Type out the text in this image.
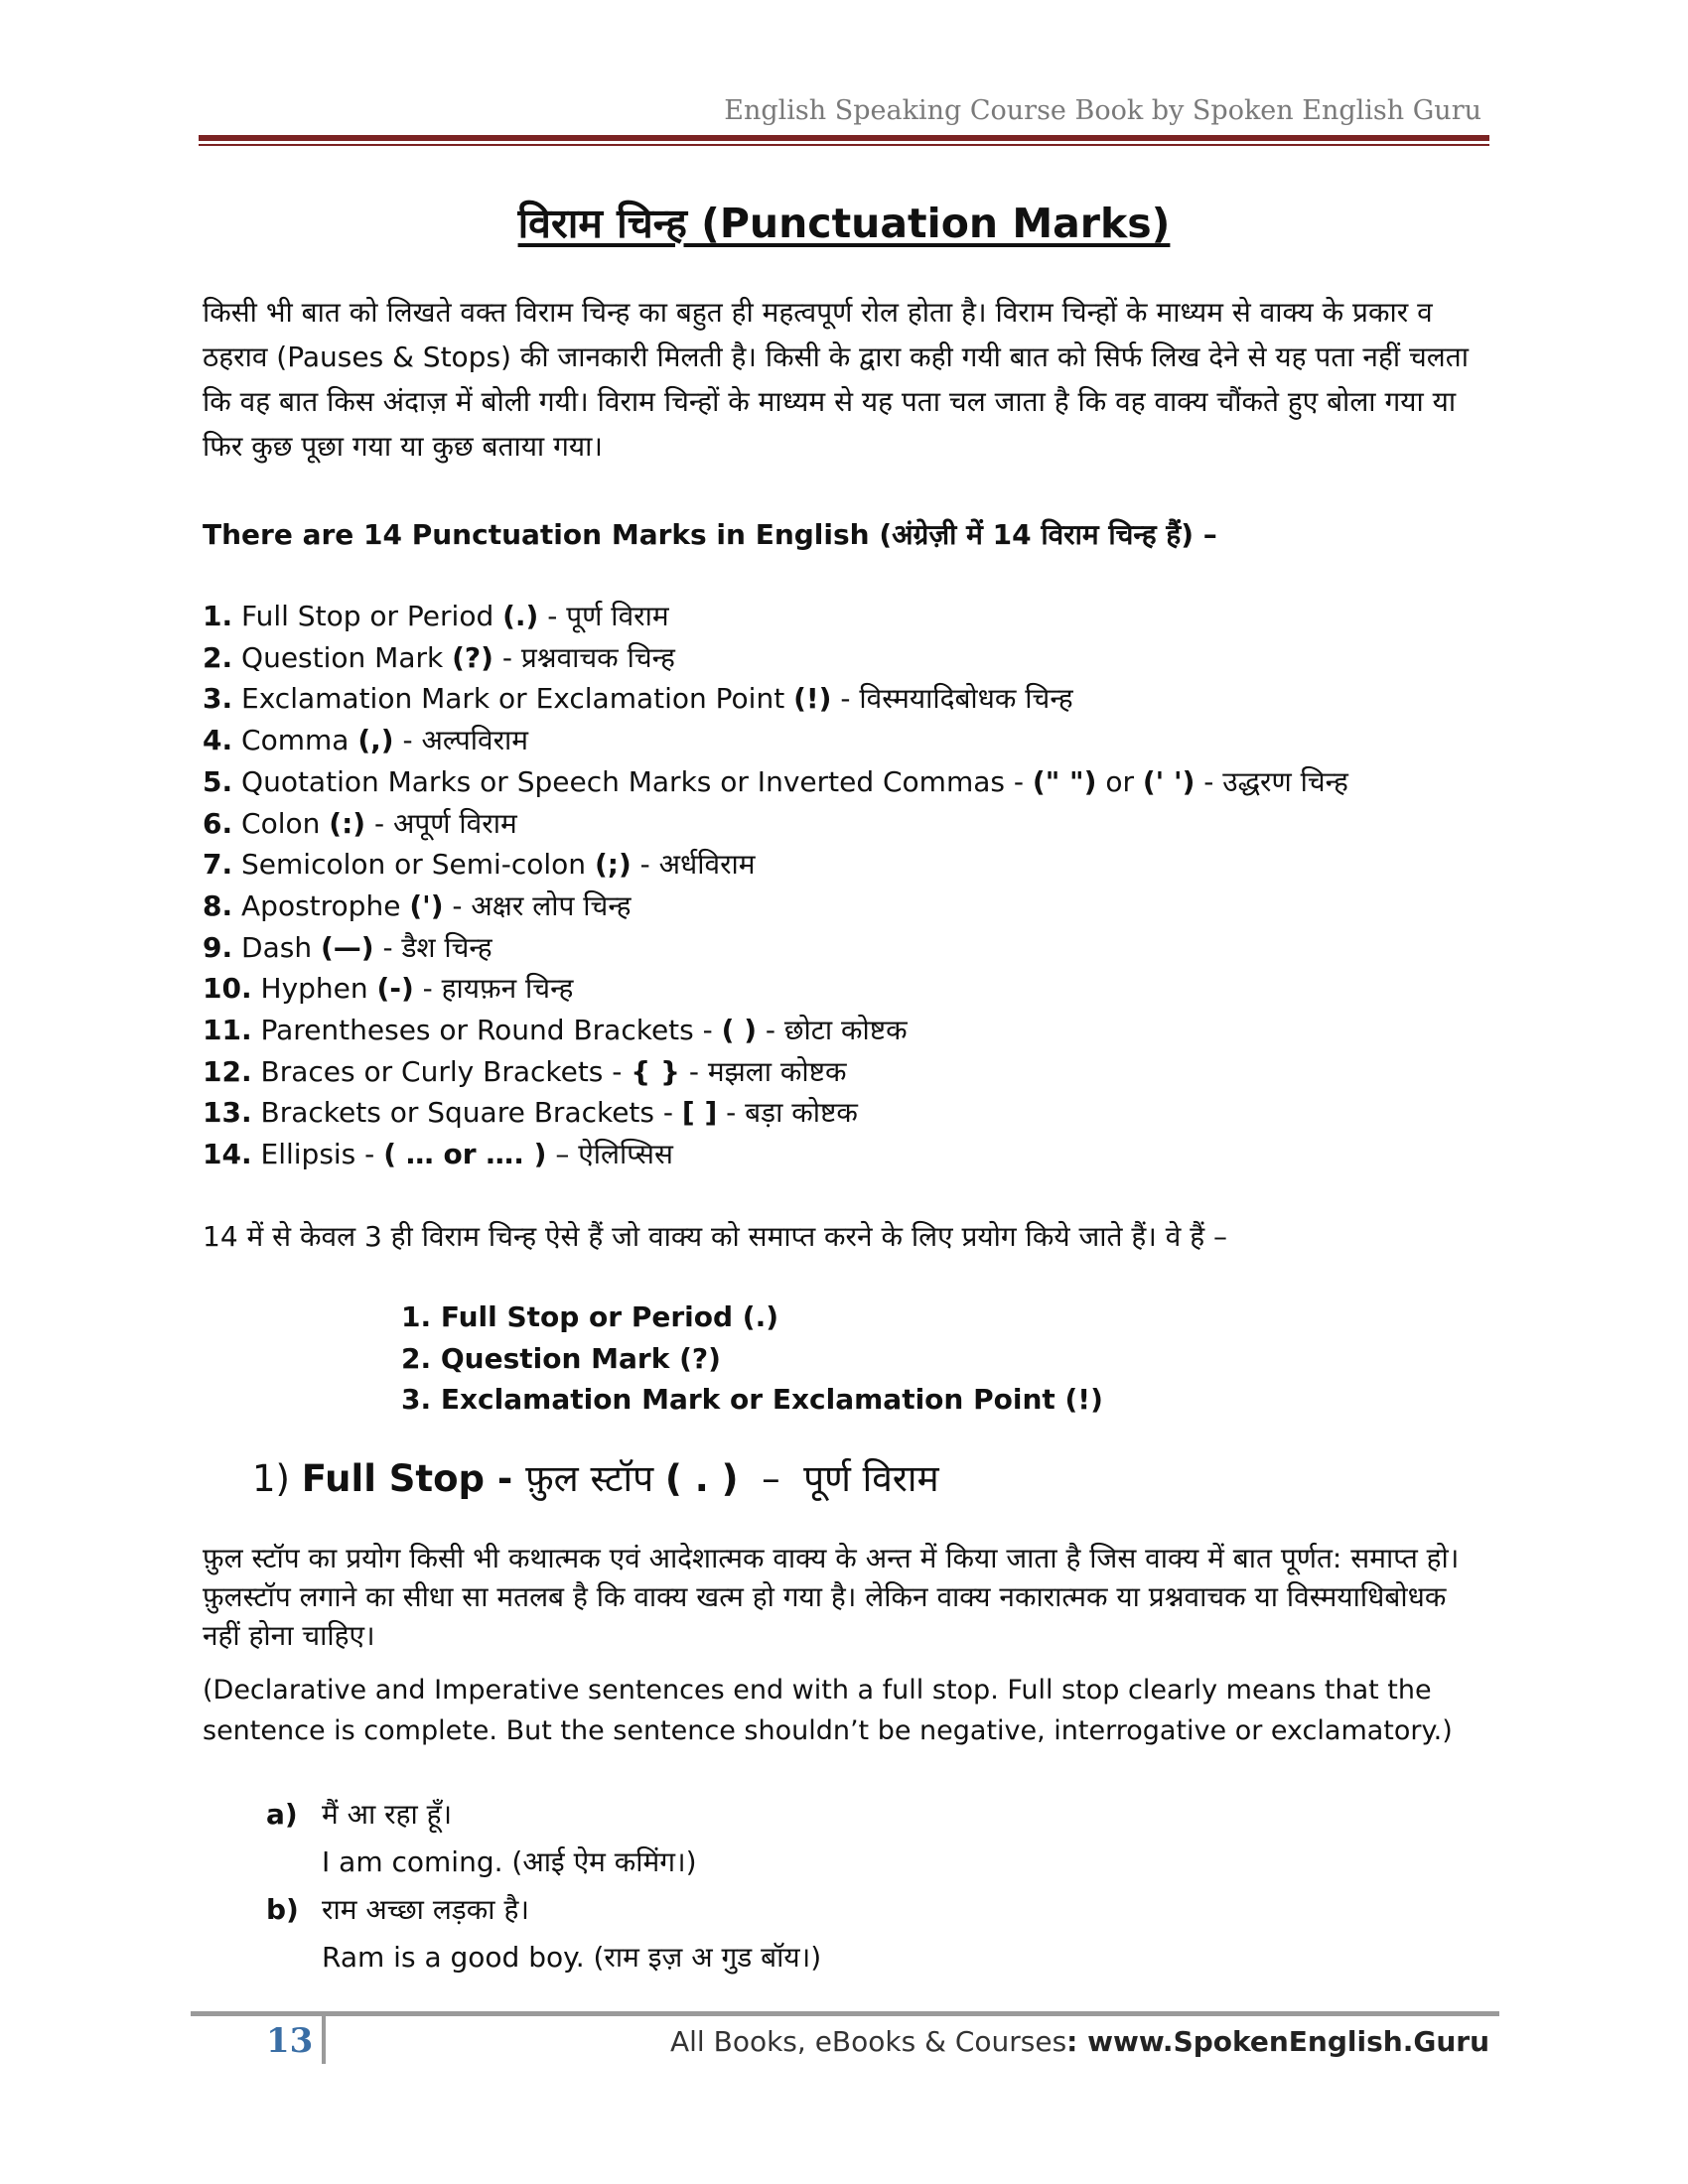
English Speaking Course Book by Spoken English Guru
विराम चिन्ह (Punctuation Marks)

किसी भी बात को लिखते वक्त विराम चिन्ह का बहुत ही महत्वपूर्ण रोल होता है। विराम चिन्हों के माध्यम से वाक्य के प्रकार व ठहराव (Pauses & Stops) की जानकारी मिलती है। किसी के द्वारा कही गयी बात को सिर्फ लिख देने से यह पता नहीं चलता कि वह बात किस अंदाज़ में बोली गयी। विराम चिन्हों के माध्यम से यह पता चल जाता है कि वह वाक्य चौंकते हुए बोला गया या फिर कुछ पूछा गया या कुछ बताया गया।

There are 14 Punctuation Marks in English (अंग्रेज़ी में 14 विराम चिन्ह हैं) –
1. Full Stop or Period (.) - पूर्ण विराम
2. Question Mark (?) - प्रश्नवाचक चिन्ह
3. Exclamation Mark or Exclamation Point (!) - विस्मयादिबोधक चिन्ह
4. Comma (,) - अल्पविराम
5. Quotation Marks or Speech Marks or Inverted Commas - (" ") or (' ') - उद्धरण चिन्ह
6. Colon (:) - अपूर्ण विराम
7. Semicolon or Semi-colon (;) - अर्धविराम
8. Apostrophe (') - अक्षर लोप चिन्ह
9. Dash (—) - डैश चिन्ह
10. Hyphen (-) - हायफ़न चिन्ह
11. Parentheses or Round Brackets - ( ) - छोटा कोष्टक
12. Braces or Curly Brackets - { } - मझला कोष्टक
13. Brackets or Square Brackets - [ ] - बड़ा कोष्टक
14. Ellipsis - ( … or …. ) – ऐलिप्सिस
14 में से केवल 3 ही विराम चिन्ह ऐसे हैं जो वाक्य को समाप्त करने के लिए प्रयोग किये जाते हैं। वे हैं –
1. Full Stop or Period (.)
2. Question Mark (?)
3. Exclamation Mark or Exclamation Point (!)
1) Full Stop - फ़ुल स्टॉप ( . )  –  पूर्ण विराम

फ़ुल स्टॉप का प्रयोग किसी भी कथात्मक एवं आदेशात्मक वाक्य के अन्त में किया जाता है जिस वाक्य में बात पूर्णत: समाप्त हो। फ़ुलस्टॉप लगाने का सीधा सा मतलब है कि वाक्य खत्म हो गया है। लेकिन वाक्य नकारात्मक या प्रश्नवाचक या विस्मयाधिबोधक नहीं होना चाहिए।

(Declarative and Imperative sentences end with a full stop. Full stop clearly means that the sentence is complete. But the sentence shouldn’t be negative, interrogative or exclamatory.)

a) मैं आ रहा हूँ।
I am coming. (आई ऐम कमिंग।)
b) राम अच्छा लड़का है।
Ram is a good boy. (राम इज़ अ गुड बॉय।)
13	All Books, eBooks & Courses: www.SpokenEnglish.Guru
